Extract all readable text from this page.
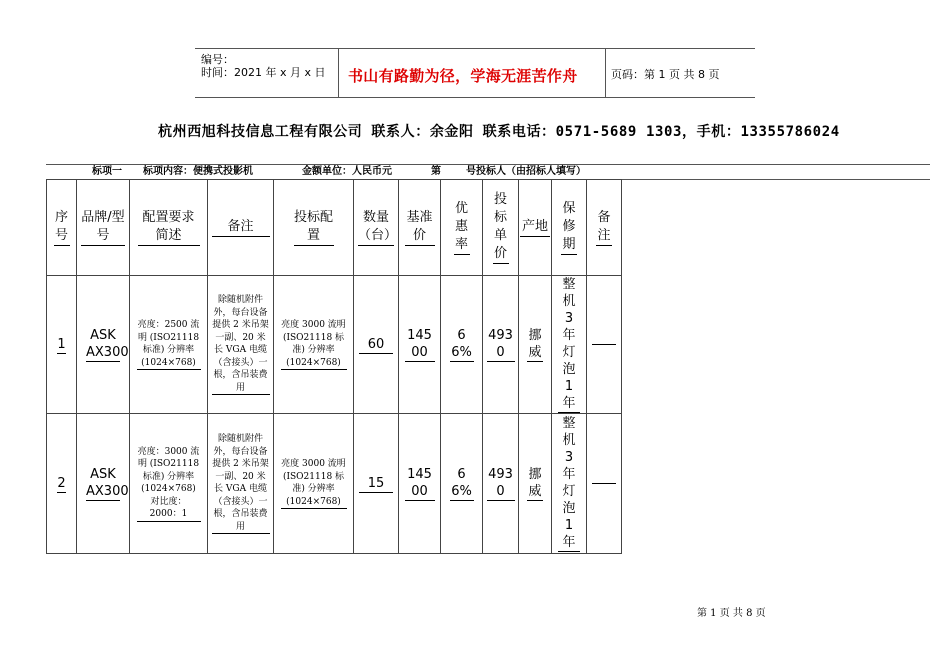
编号：
时间：2021 年 x 月 x 日	书山有路勤为径，学海无涯苦作舟	页码：第 1 页 共 8 页
杭州西旭科技信息工程有限公司 联系人：余金阳 联系电话：0571-5689 1303，手机：13355786024
标项一 标项内容：便携式投影机	金额单位：人民币元	第	号投标人（由招标人填写）
序号	品牌/型号	配置要求简述	备注	投标配置	数量（台）	基准价	优惠率	投标单价	产地	保修期	备注
1	ASK AX300	亮度：2500 流明 (ISO21118 标准) 分辨率 (1024×768)	除随机附件外，每台设备提供 2 米吊架一副、20 米长 VGA 电缆（含接头）一根，含吊装费用	亮度 3000 流明(ISO21118 标准) 分辨率 (1024×768)	60	14500	66%	4930	挪威	整机 3 年 灯泡 1 年	
2	ASK AX300	亮度：3000 流明 (ISO21118 标准) 分辨率 (1024×768) 对比度：2000：1	除随机附件外，每台设备提供 2 米吊架一副、20 米长 VGA 电缆（含接头）一根，含吊装费用	亮度 3000 流明(ISO21118 标准) 分辨率 (1024×768)	15	14500	66%	4930	挪威	整机 3 年 灯泡 1 年	
第 1 页 共 8 页
